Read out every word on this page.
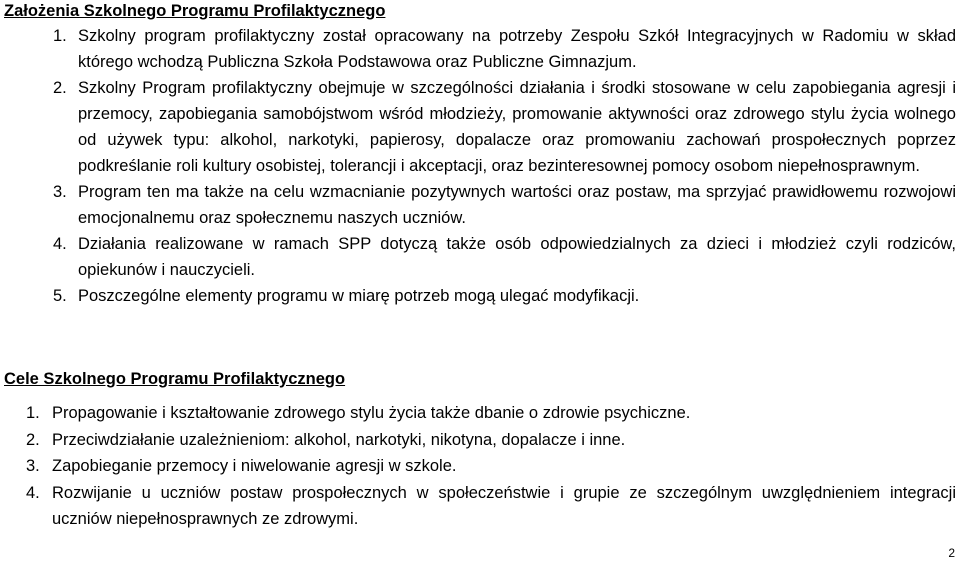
Założenia Szkolnego Programu Profilaktycznego
1. Szkolny program profilaktyczny został opracowany na potrzeby Zespołu Szkół Integracyjnych w Radomiu w skład którego wchodzą Publiczna Szkoła Podstawowa oraz Publiczne Gimnazjum.
2. Szkolny Program profilaktyczny obejmuje w szczególności działania i środki stosowane w celu zapobiegania agresji i przemocy, zapobiegania samobójstwom wśród młodzieży, promowanie aktywności oraz zdrowego stylu życia wolnego od używek typu: alkohol, narkotyki, papierosy, dopalacze oraz promowaniu zachowań prospołecznych poprzez podkreślanie roli kultury osobistej, tolerancji i akceptacji, oraz bezinteresownej pomocy osobom niepełnosprawnym.
3. Program ten ma także na celu wzmacnianie pozytywnych wartości oraz postaw, ma sprzyjać prawidłowemu rozwojowi emocjonalnemu oraz społecznemu naszych uczniów.
4. Działania realizowane w ramach SPP dotyczą także osób odpowiedzialnych za dzieci i młodzież czyli rodziców, opiekunów i nauczycieli.
5. Poszczególne elementy programu w miarę potrzeb mogą ulegać modyfikacji.
Cele Szkolnego Programu Profilaktycznego
1. Propagowanie i kształtowanie zdrowego stylu życia także dbanie o zdrowie psychiczne.
2. Przeciwdziałanie uzależnieniom: alkohol, narkotyki, nikotyna, dopalacze i inne.
3. Zapobieganie przemocy i niwelowanie agresji w szkole.
4. Rozwijanie u uczniów postaw prospołecznych w społeczeństwie i grupie ze szczególnym uwzględnieniem integracji uczniów niepełnosprawnych ze zdrowymi.
2
